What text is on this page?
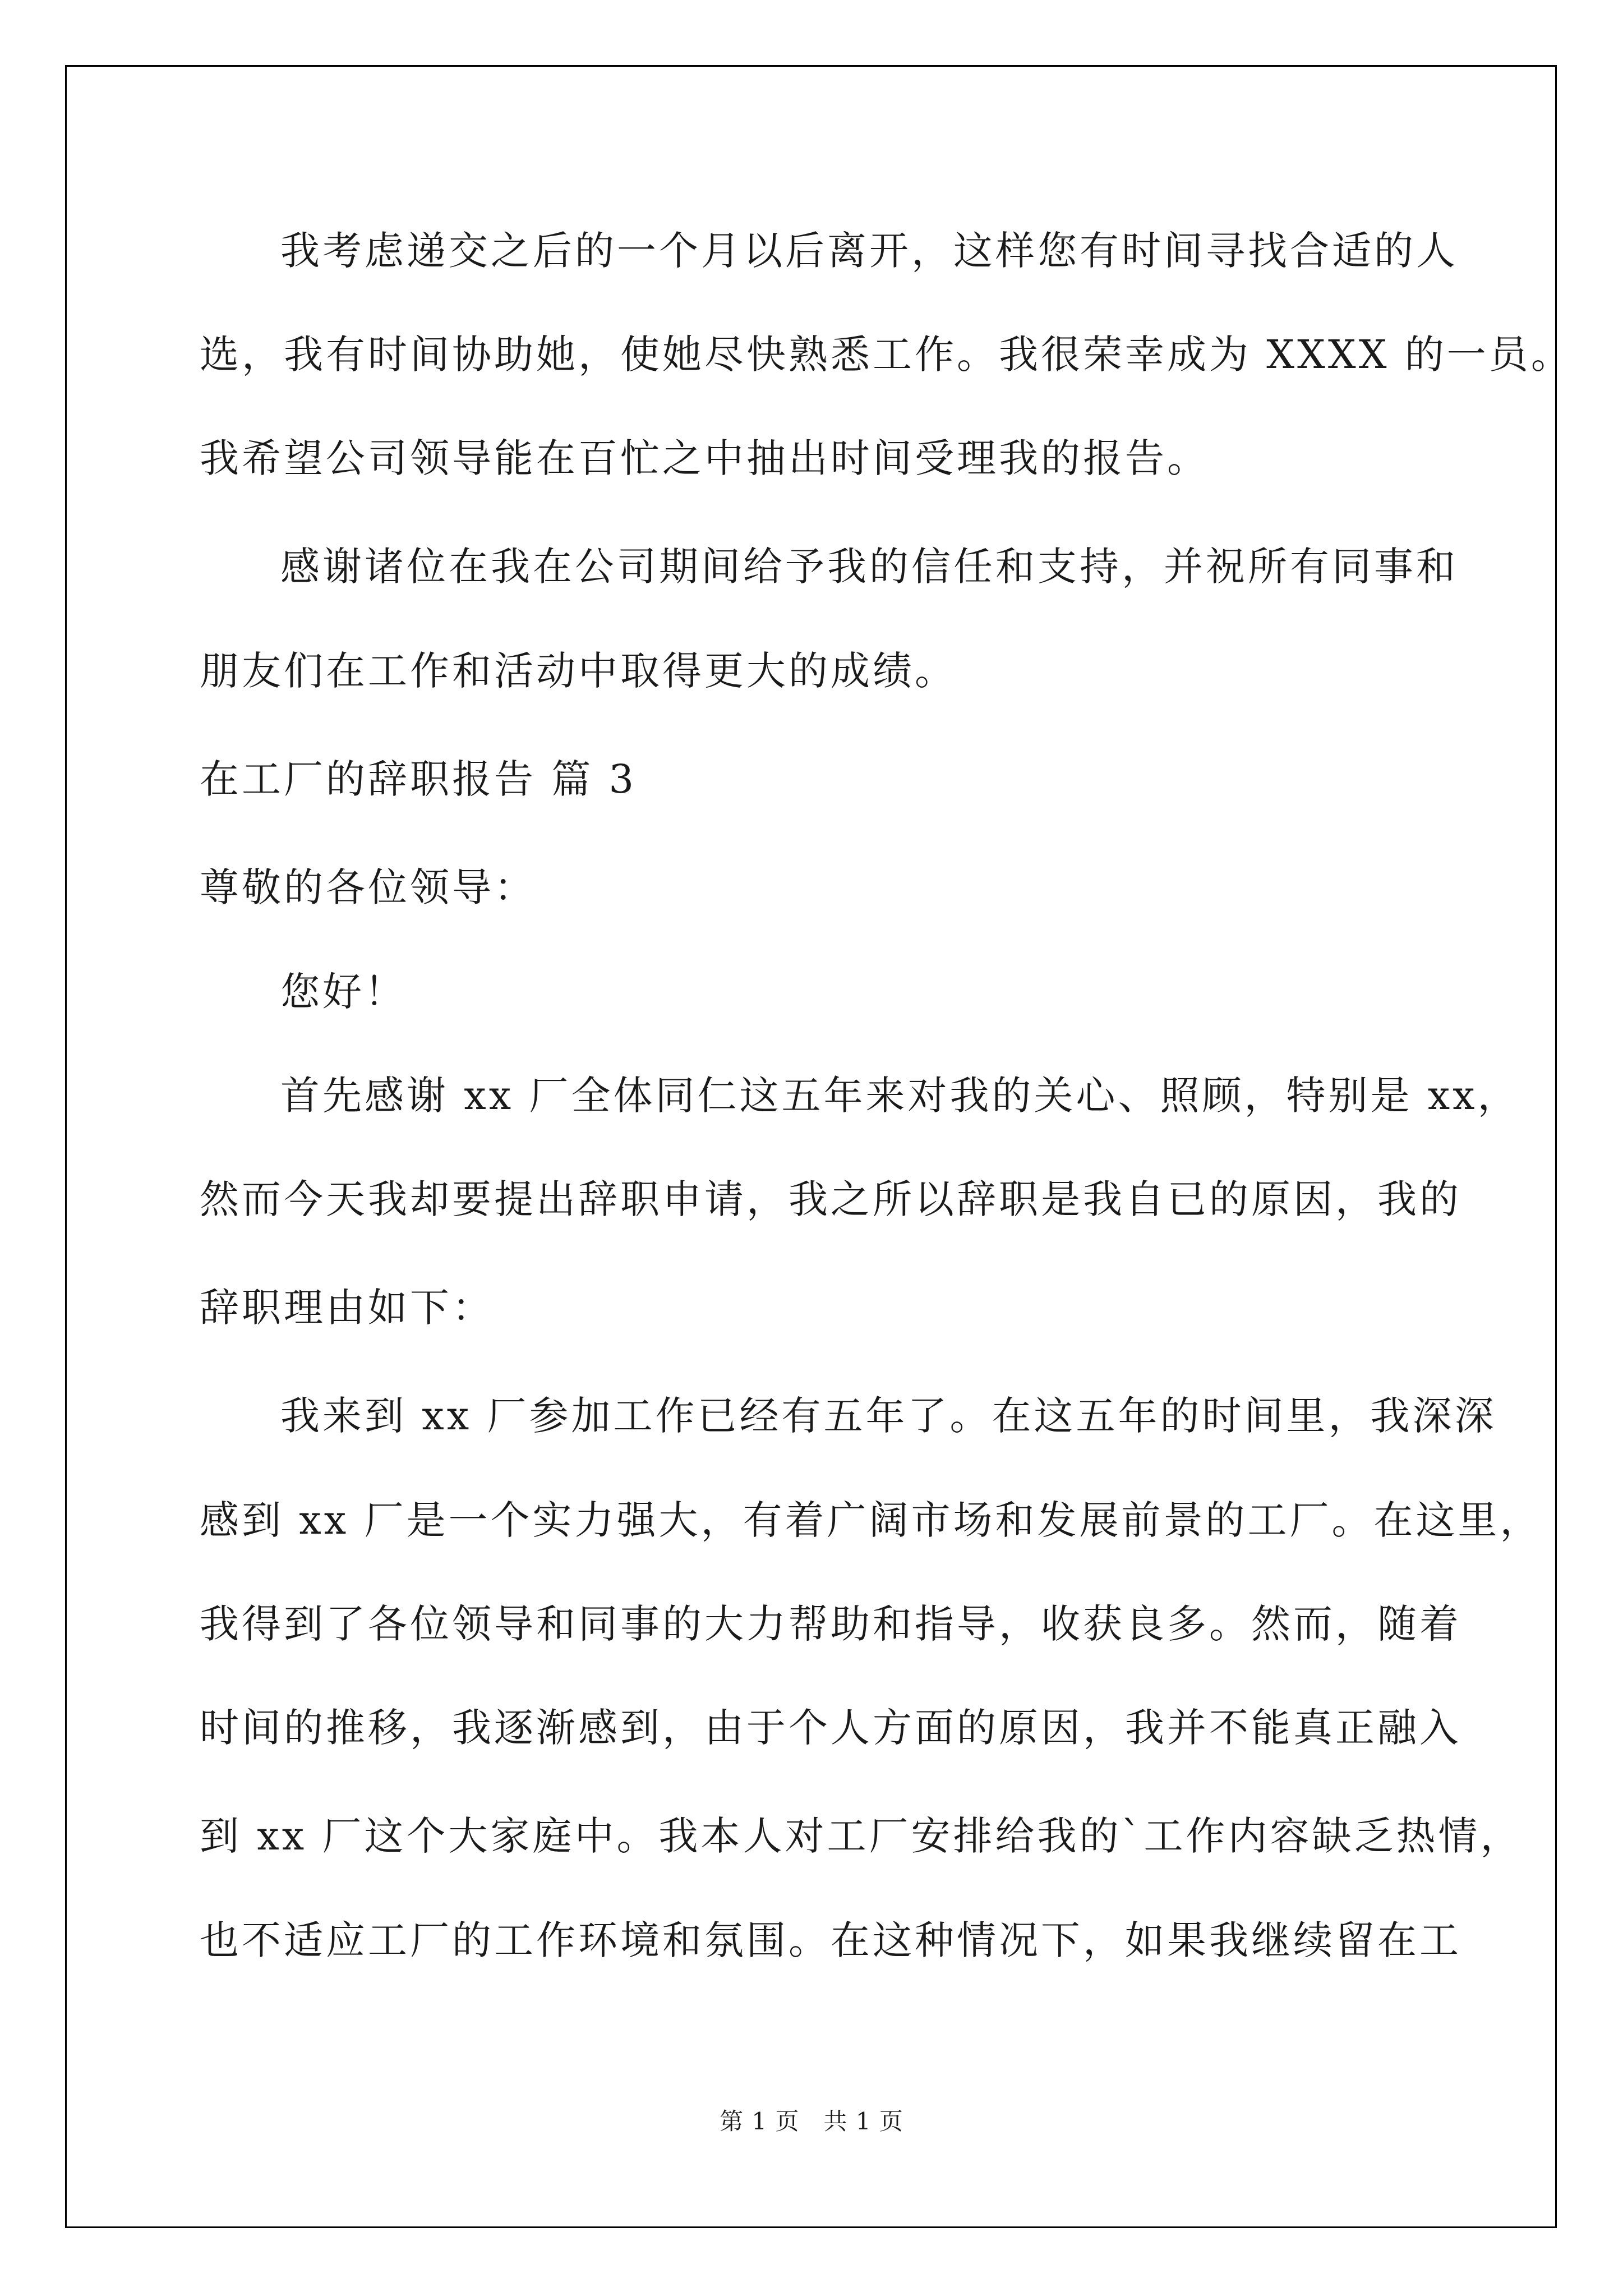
我考虑递交之后的一个月以后离开，这样您有时间寻找合适的人
选，我有时间协助她，使她尽快熟悉工作。我很荣幸成为 XXXX 的一员。
我希望公司领导能在百忙之中抽出时间受理我的报告。
感谢诸位在我在公司期间给予我的信任和支持，并祝所有同事和
朋友们在工作和活动中取得更大的成绩。
在工厂的辞职报告 篇 3
尊敬的各位领导：
您好！
首先感谢 xx 厂全体同仁这五年来对我的关心、照顾，特别是 xx，
然而今天我却要提出辞职申请，我之所以辞职是我自已的原因，我的
辞职理由如下：
我来到 xx 厂参加工作已经有五年了。在这五年的时间里，我深深
感到 xx 厂是一个实力强大，有着广阔市场和发展前景的工厂。在这里，
我得到了各位领导和同事的大力帮助和指导，收获良多。然而，随着
时间的推移，我逐渐感到，由于个人方面的原因，我并不能真正融入
到 xx 厂这个大家庭中。我本人对工厂安排给我的`工作内容缺乏热情，
也不适应工厂的工作环境和氛围。在这种情况下，如果我继续留在工
第 1 页　共 1 页
